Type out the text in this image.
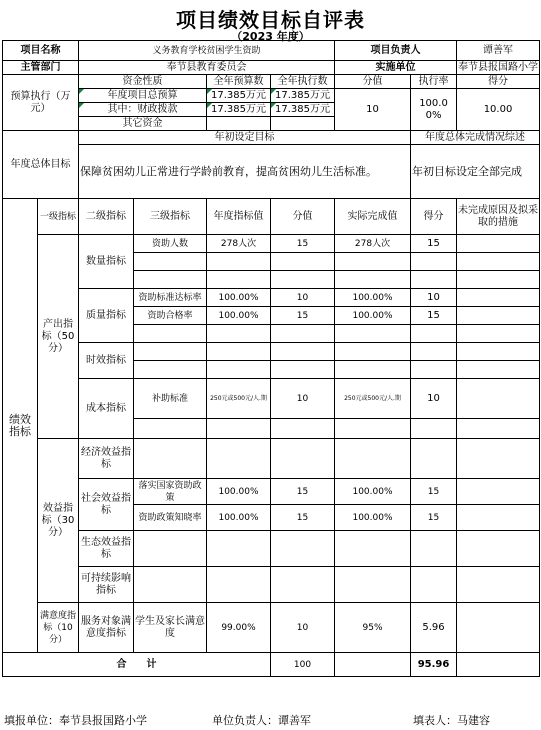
项目绩效目标自评表
（2023 年度）
项目名称		义务教育学校贫困学生资助				项目负责人		谭善军
主管部门		奉节县教育委员会				实施单位		奉节县报国路小学
预算执行（万元）		资金性质		全年预算数	全年执行数	分值	执行率	得分
		年度项目总预算		17.385万元	17.385万元	10	100.00%	10.00
		其中：财政拨款		17.385万元	17.385万元			
		其它资金						
年度总体目标		年初设定目标					年度总体完成情况综述	
		保障贫困幼儿正常进行学龄前教育，提高贫困幼儿生活标准。					年初目标设定全部完成	
绩效指标	一级指标	二级指标	三级指标	年度指标值	分值	实际完成值	得分	未完成原因及拟采取的措施
	产出指标（50分）	数量指标	资助人数	278人次	15	278人次	15	

		质量指标	资助标准达标率	100.00%	10	100.00%	10	
			资助合格率	100.00%	15	100.00%	15	

		时效指标						

		成本指标	补助标准	250元或500元/人.期	10	250元或500元/人.期	10	

	效益指标（30分）	经济效益指标						
		社会效益指标	落实国家资助政策	100.00%	15	100.00%	15	
			资助政策知晓率	100.00%	15	100.00%	15	
		生态效益指标						
		可持续影响指标						
	满意度指标（10分）	服务对象满意度指标	学生及家长满意度	99.00%	10	95%	5.96	
合　　计					100		95.96	
填报单位：奉节县报国路小学	单位负责人：谭善军	填表人：马建容
